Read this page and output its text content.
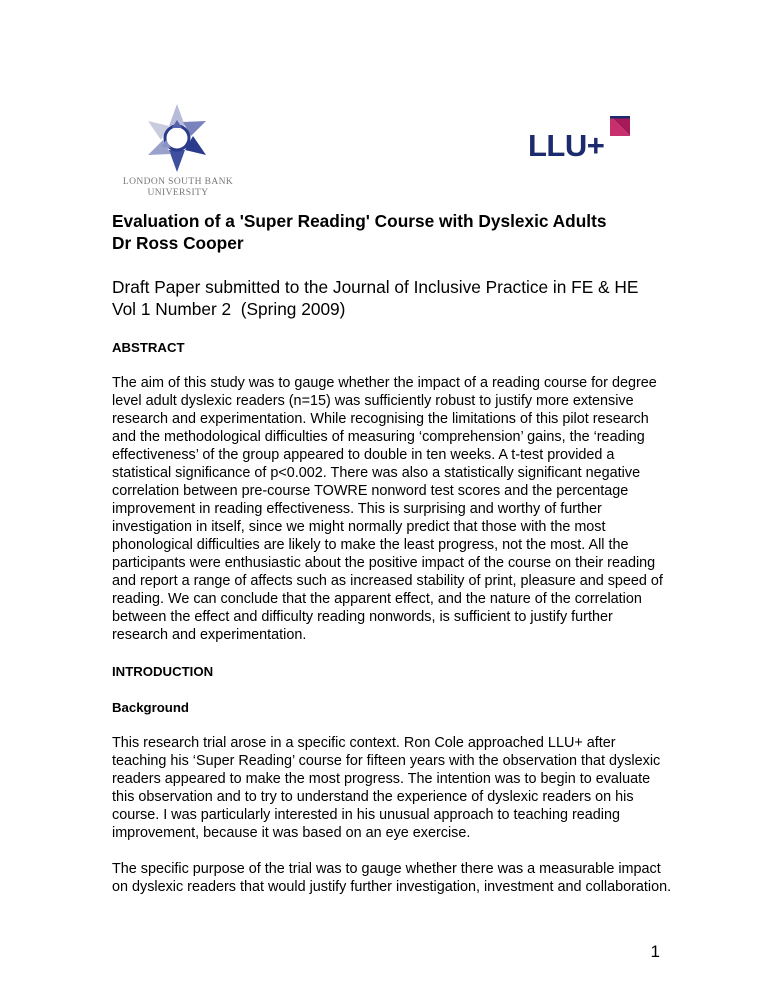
LONDON SOUTH BANK
UNIVERSITY
LLU+

Evaluation of a 'Super Reading' Course with Dyslexic Adults
Dr Ross Cooper

Draft Paper submitted to the Journal of Inclusive Practice in FE & HE
Vol 1 Number 2  (Spring 2009)

ABSTRACT

The aim of this study was to gauge whether the impact of a reading course for degree level adult dyslexic readers (n=15) was sufficiently robust to justify more extensive research and experimentation. While recognising the limitations of this pilot research and the methodological difficulties of measuring ‘comprehension’ gains, the ‘reading effectiveness’ of the group appeared to double in ten weeks. A t-test provided a statistical significance of p<0.002. There was also a statistically significant negative correlation between pre-course TOWRE nonword test scores and the percentage improvement in reading effectiveness. This is surprising and worthy of further investigation in itself, since we might normally predict that those with the most phonological difficulties are likely to make the least progress, not the most. All the participants were enthusiastic about the positive impact of the course on their reading and report a range of affects such as increased stability of print, pleasure and speed of reading. We can conclude that the apparent effect, and the nature of the correlation between the effect and difficulty reading nonwords, is sufficient to justify further research and experimentation.

INTRODUCTION

Background

This research trial arose in a specific context. Ron Cole approached LLU+ after teaching his ‘Super Reading’ course for fifteen years with the observation that dyslexic readers appeared to make the most progress. The intention was to begin to evaluate this observation and to try to understand the experience of dyslexic readers on his course. I was particularly interested in his unusual approach to teaching reading improvement, because it was based on an eye exercise.

The specific purpose of the trial was to gauge whether there was a measurable impact on dyslexic readers that would justify further investigation, investment and collaboration.

1
